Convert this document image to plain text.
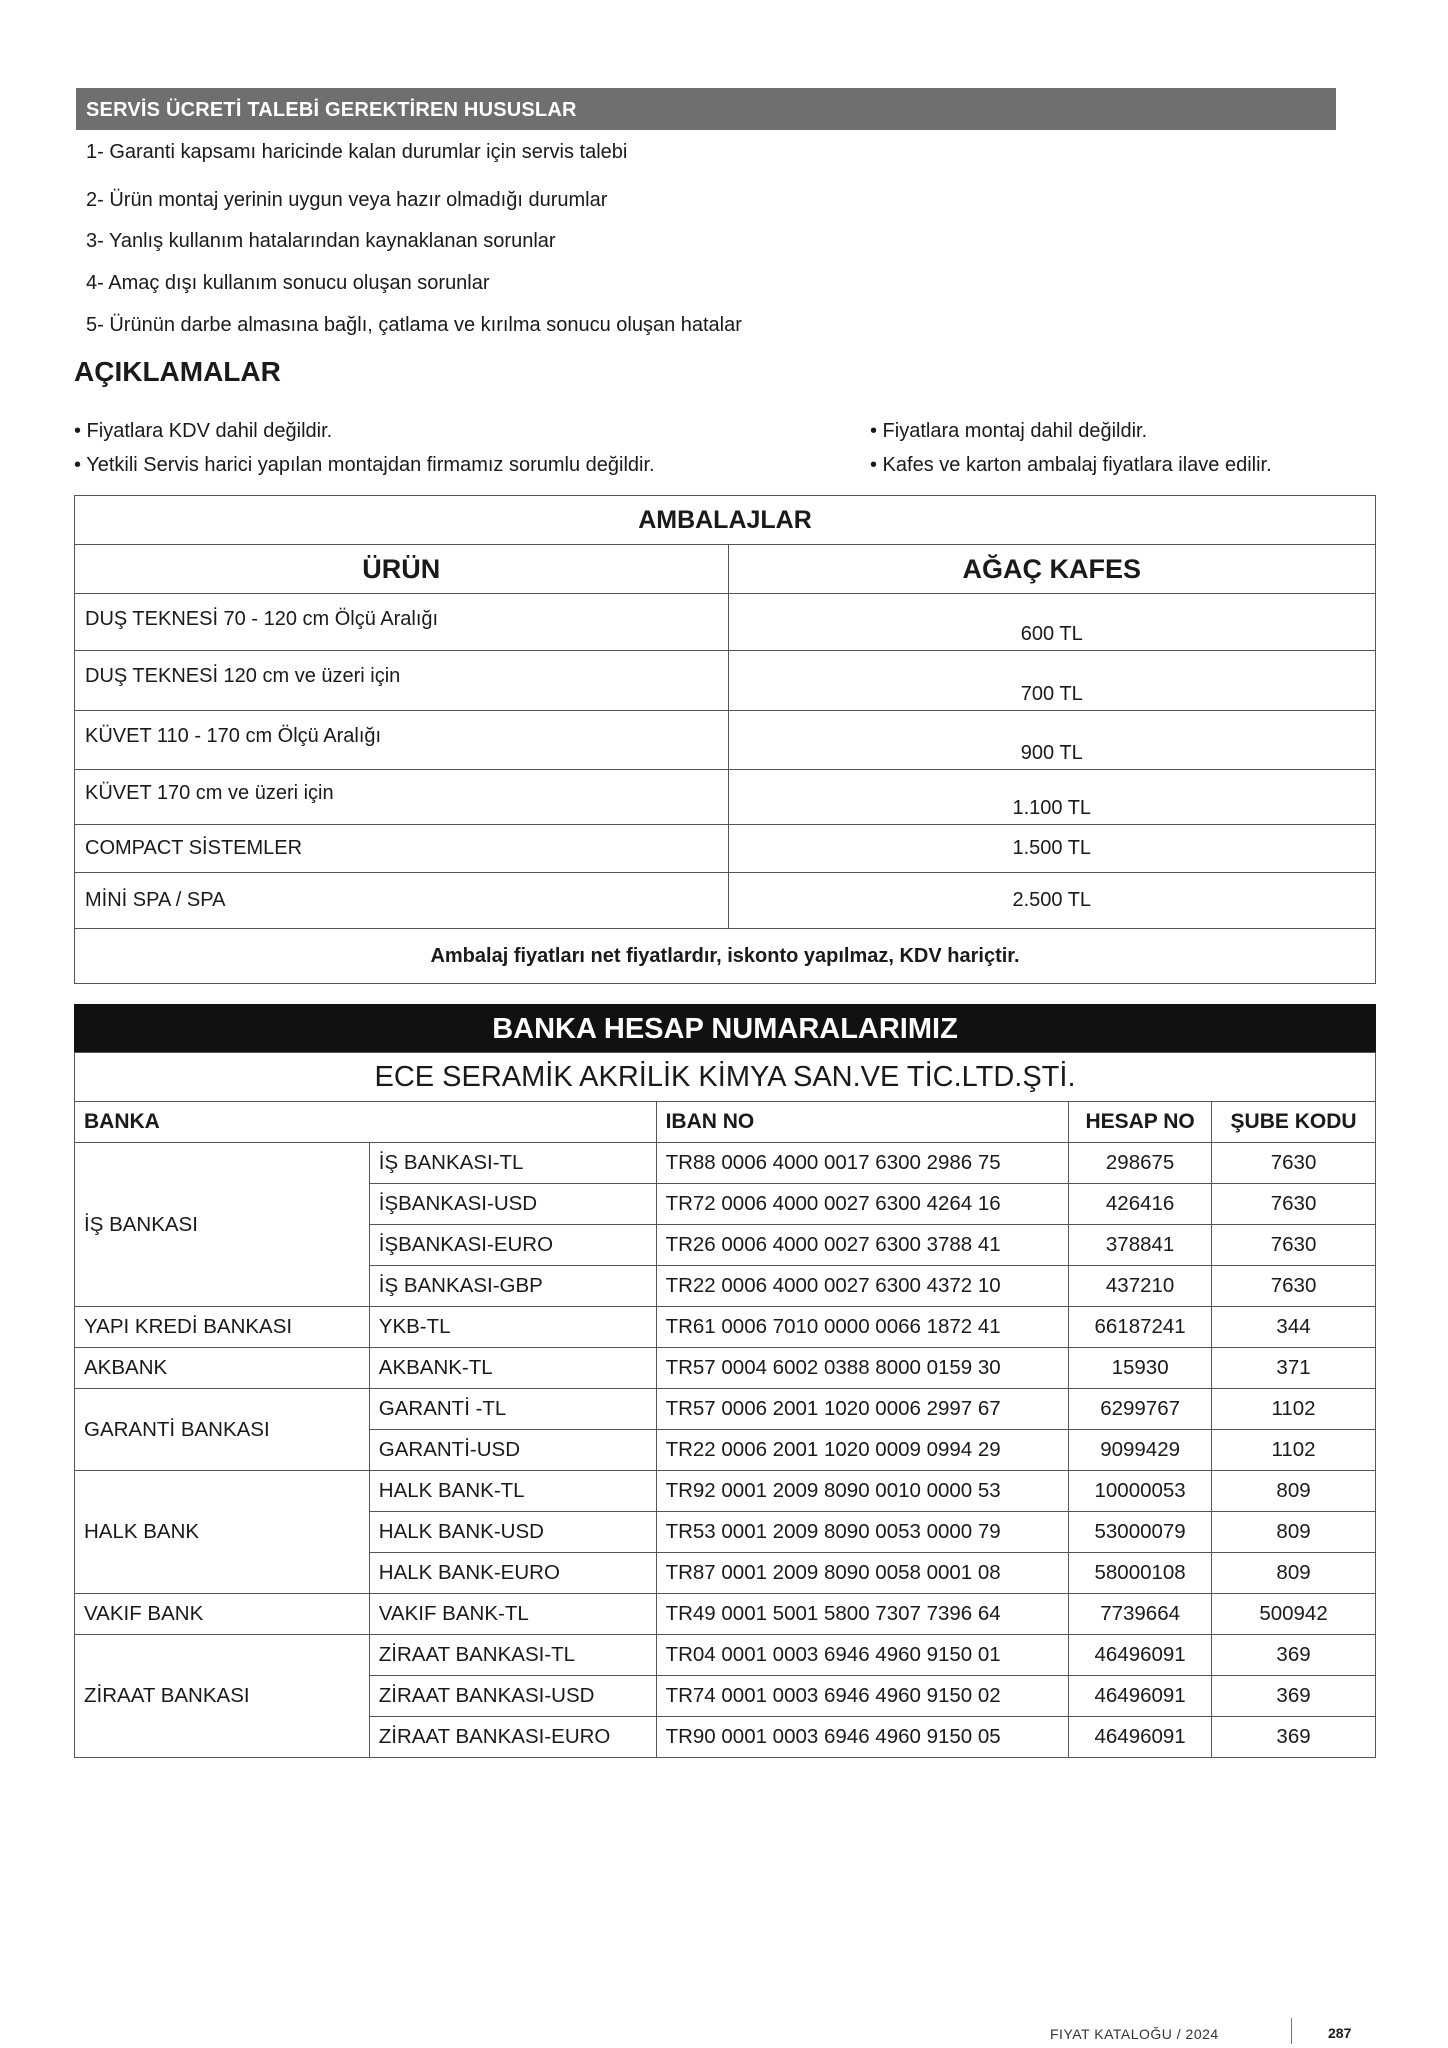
SERVİS ÜCRETİ TALEBİ GEREKTİREN HUSUSLAR
1- Garanti kapsamı haricinde kalan durumlar için servis talebi
2- Ürün montaj yerinin uygun veya hazır olmadığı durumlar
3- Yanlış kullanım hatalarından kaynaklanan sorunlar
4- Amaç dışı kullanım sonucu oluşan sorunlar
5- Ürünün darbe almasına bağlı, çatlama ve kırılma sonucu oluşan hatalar
AÇIKLAMALAR
• Fiyatlara KDV dahil değildir.
• Yetkili Servis harici yapılan montajdan firmamız sorumlu değildir.
• Fiyatlara montaj dahil değildir.
• Kafes ve karton ambalaj fiyatlara ilave edilir.
AMBALAJLAR	
ÜRÜN	AĞAÇ KAFES
DUŞ TEKNESİ 70 - 120 cm Ölçü Aralığı	600 TL
DUŞ TEKNESİ 120 cm ve üzeri için	700 TL
KÜVET 110 - 170 cm Ölçü Aralığı	900 TL
KÜVET 170 cm ve üzeri için	1.100 TL
COMPACT SİSTEMLER	1.500 TL
MİNİ SPA / SPA	2.500 TL
Ambalaj fiyatları net fiyatlardır, iskonto yapılmaz, KDV hariçtir.	
BANKA HESAP NUMARALARIMIZ
ECE SERAMİK AKRİLİK KİMYA SAN.VE TİC.LTD.ŞTİ.				
BANKA		IBAN NO	HESAP NO	ŞUBE KODU
İŞ BANKASI	İŞ BANKASI-TL	TR88 0006 4000 0017 6300 2986 75	298675	7630
	İŞBANKASI-USD	TR72 0006 4000 0027 6300 4264 16	426416	7630
	İŞBANKASI-EURO	TR26 0006 4000 0027 6300 3788 41	378841	7630
	İŞ BANKASI-GBP	TR22 0006 4000 0027 6300 4372 10	437210	7630
YAPI KREDİ BANKASI	YKB-TL	TR61 0006 7010 0000 0066 1872 41	66187241	344
AKBANK	AKBANK-TL	TR57 0004 6002 0388 8000 0159 30	15930	371
GARANTİ BANKASI	GARANTİ -TL	TR57 0006 2001 1020 0006 2997 67	6299767	1102
	GARANTİ-USD	TR22 0006 2001 1020 0009 0994 29	9099429	1102
HALK BANK	HALK BANK-TL	TR92 0001 2009 8090 0010 0000 53	10000053	809
	HALK BANK-USD	TR53 0001 2009 8090 0053 0000 79	53000079	809
	HALK BANK-EURO	TR87 0001 2009 8090 0058 0001 08	58000108	809
VAKIF BANK	VAKIF BANK-TL	TR49 0001 5001 5800 7307 7396 64	7739664	500942
ZİRAAT BANKASI	ZİRAAT BANKASI-TL	TR04 0001 0003 6946 4960 9150 01	46496091	369
	ZİRAAT BANKASI-USD	TR74 0001 0003 6946 4960 9150 02	46496091	369
	ZİRAAT BANKASI-EURO	TR90 0001 0003 6946 4960 9150 05	46496091	369
FIYAT KATALOĞU / 2024	287
